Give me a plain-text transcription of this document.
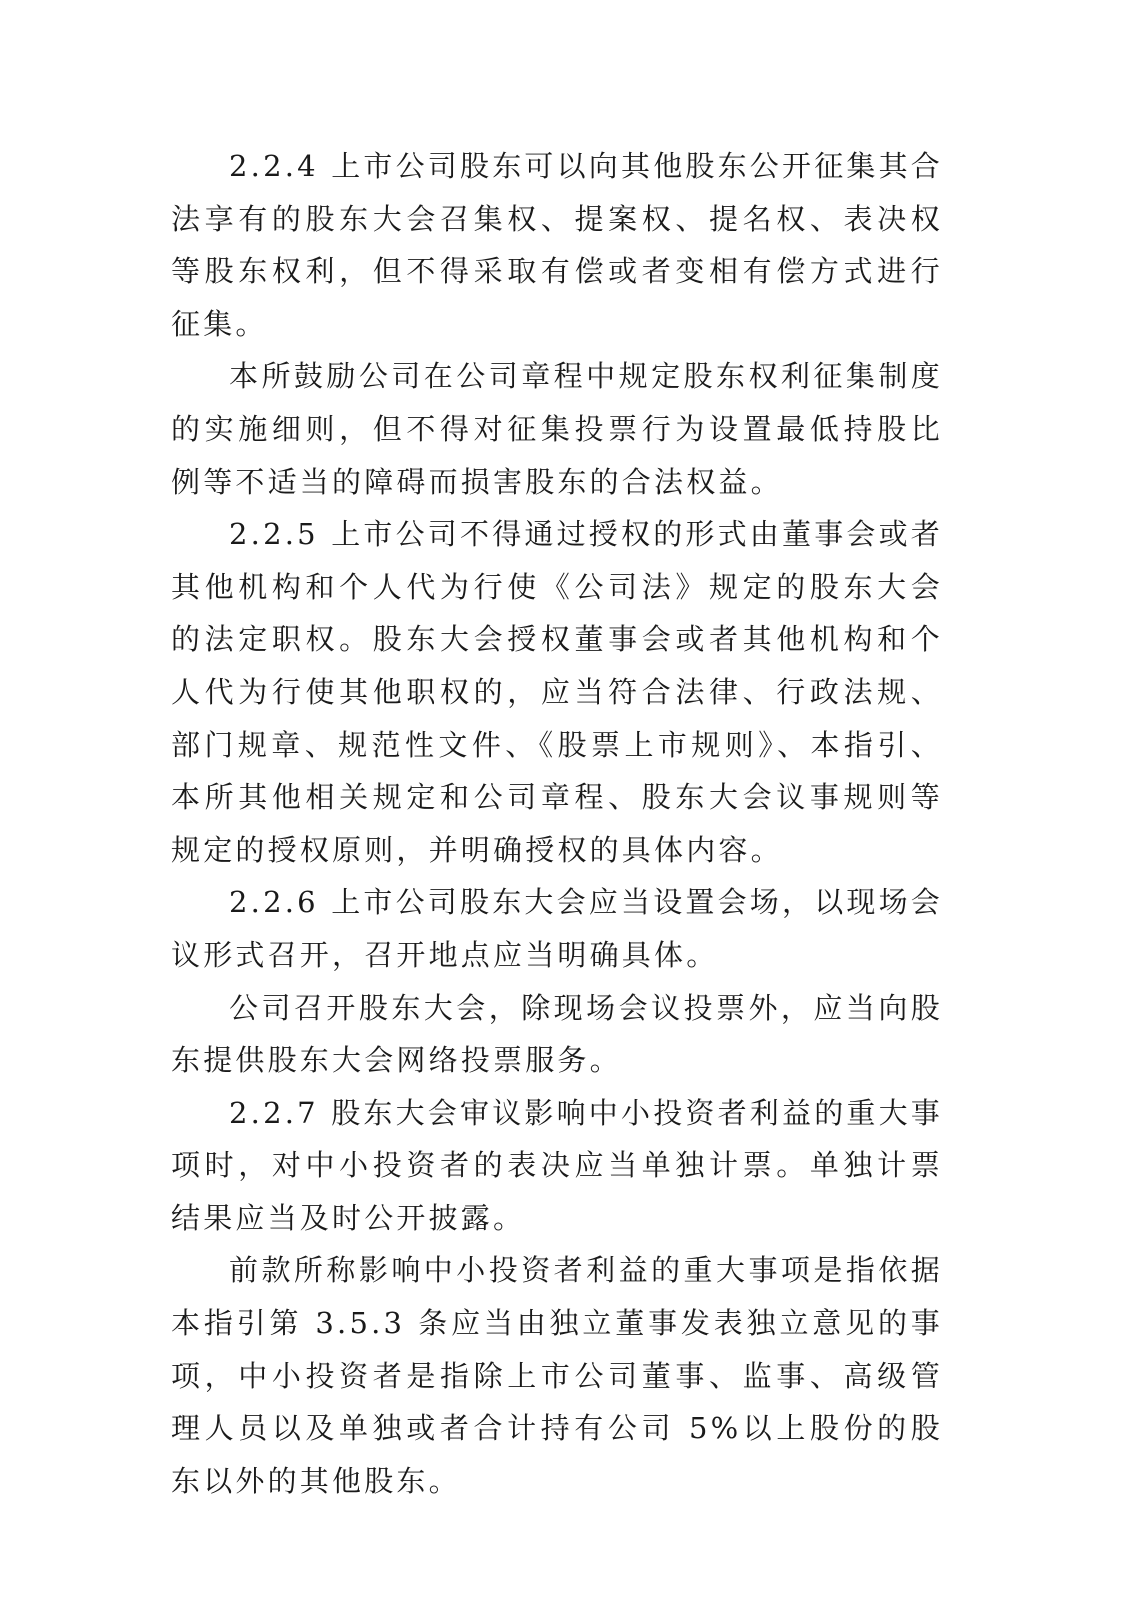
2.2.4 上市公司股东可以向其他股东公开征集其合法享有的股东大会召集权、提案权、提名权、表决权等股东权利，但不得采取有偿或者变相有偿方式进行征集。

本所鼓励公司在公司章程中规定股东权利征集制度的实施细则，但不得对征集投票行为设置最低持股比例等不适当的障碍而损害股东的合法权益。

2.2.5 上市公司不得通过授权的形式由董事会或者其他机构和个人代为行使《公司法》规定的股东大会的法定职权。股东大会授权董事会或者其他机构和个人代为行使其他职权的，应当符合法律、行政法规、部门规章、规范性文件、《股票上市规则》、本指引、本所其他相关规定和公司章程、股东大会议事规则等规定的授权原则，并明确授权的具体内容。

2.2.6 上市公司股东大会应当设置会场，以现场会议形式召开，召开地点应当明确具体。

公司召开股东大会，除现场会议投票外，应当向股东提供股东大会网络投票服务。

2.2.7 股东大会审议影响中小投资者利益的重大事项时，对中小投资者的表决应当单独计票。单独计票结果应当及时公开披露。

前款所称影响中小投资者利益的重大事项是指依据本指引第 3.5.3 条应当由独立董事发表独立意见的事项，中小投资者是指除上市公司董事、监事、高级管理人员以及单独或者合计持有公司 5%以上股份的股东以外的其他股东。
